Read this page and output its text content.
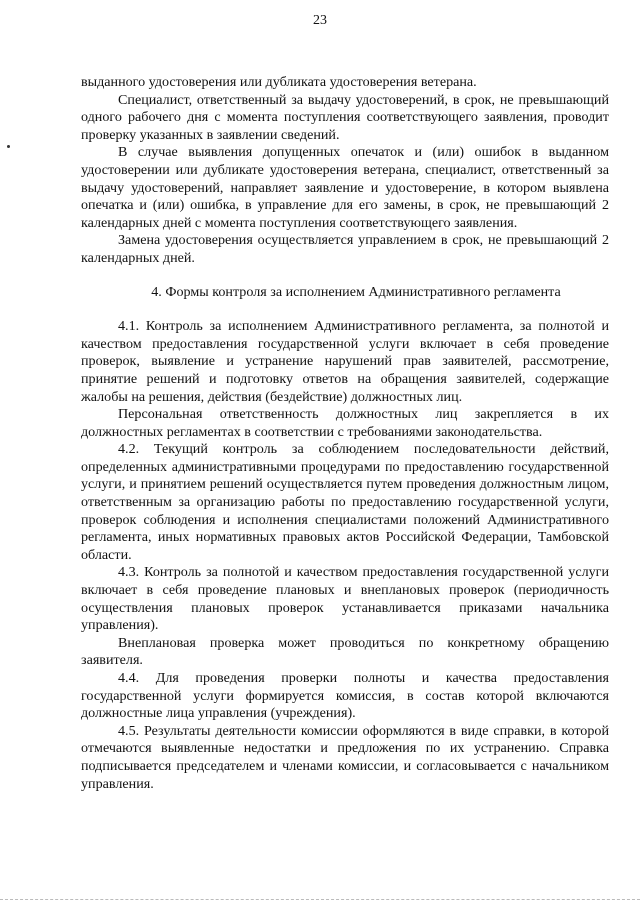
23

выданного удостоверения или дубликата удостоверения ветерана.

Специалист, ответственный за выдачу удостоверений, в срок, не превышающий одного рабочего дня с момента поступления соответствующего заявления, проводит проверку указанных в заявлении сведений.

В случае выявления допущенных опечаток и (или) ошибок в выданном удостоверении или дубликате удостоверения ветерана, специалист, ответственный за выдачу удостоверений, направляет заявление и удостоверение, в котором выявлена опечатка и (или) ошибка, в управление для его замены, в срок, не превышающий 2 календарных дней с момента поступления соответствующего заявления.

Замена удостоверения осуществляется управлением в срок, не превышающий 2 календарных дней.

4. Формы контроля за исполнением Административного регламента

4.1. Контроль за исполнением Административного регламента, за полнотой и качеством предоставления государственной услуги включает в себя проведение проверок, выявление и устранение нарушений прав заявителей, рассмотрение, принятие решений и подготовку ответов на обращения заявителей, содержащие жалобы на решения, действия (бездействие) должностных лиц.

Персональная ответственность должностных лиц закрепляется в их должностных регламентах в соответствии с требованиями законодательства.

4.2. Текущий контроль за соблюдением последовательности действий, определенных административными процедурами по предоставлению государственной услуги, и принятием решений осуществляется путем проведения должностным лицом, ответственным за организацию работы по предоставлению государственной услуги, проверок соблюдения и исполнения специалистами положений Административного регламента, иных нормативных правовых актов Российской Федерации, Тамбовской области.

4.3. Контроль за полнотой и качеством предоставления государственной услуги включает в себя проведение плановых и внеплановых проверок (периодичность осуществления плановых проверок устанавливается приказами начальника управления).

Внеплановая проверка может проводиться по конкретному обращению заявителя.

4.4. Для проведения проверки полноты и качества предоставления государственной услуги формируется комиссия, в состав которой включаются должностные лица управления (учреждения).

4.5. Результаты деятельности комиссии оформляются в виде справки, в которой отмечаются выявленные недостатки и предложения по их устранению. Справка подписывается председателем и членами комиссии, и согласовывается с начальником управления.
